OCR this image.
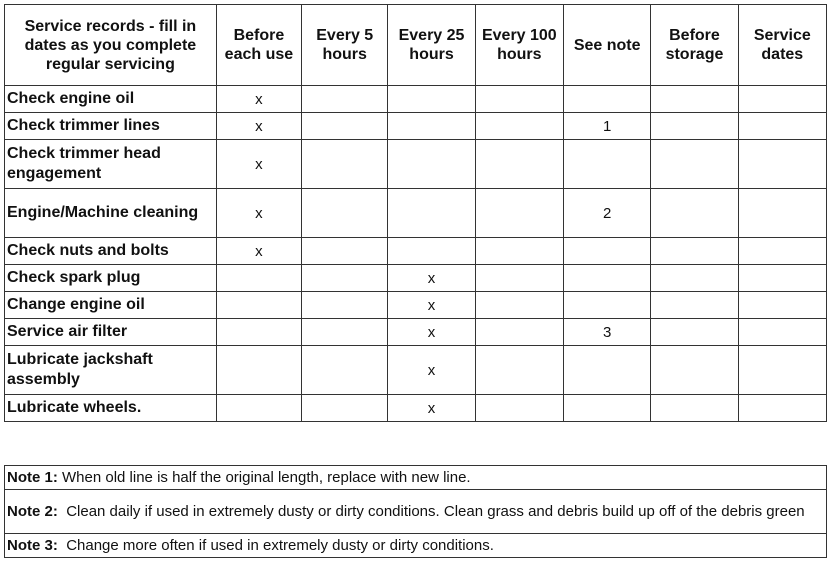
Service records - fill in dates as you complete regular servicing	Before each use	Every 5 hours	Every 25 hours	Every 100 hours	See note	Before storage	Service dates
Check engine oil	x						
Check trimmer lines	x				1		
Check trimmer head engagement	x						
Engine/Machine cleaning	x				2		
Check nuts and bolts	x						
Check spark plug			x				
Change engine oil			x				
Service air filter			x		3		
Lubricate jackshaft assembly			x				
Lubricate wheels.			x				
Note 1: When old line is half the original length, replace with new line.
Note 2: Clean daily if used in extremely dusty or dirty conditions. Clean grass and debris build up off of the debris green
Note 3: Change more often if used in extremely dusty or dirty conditions.
